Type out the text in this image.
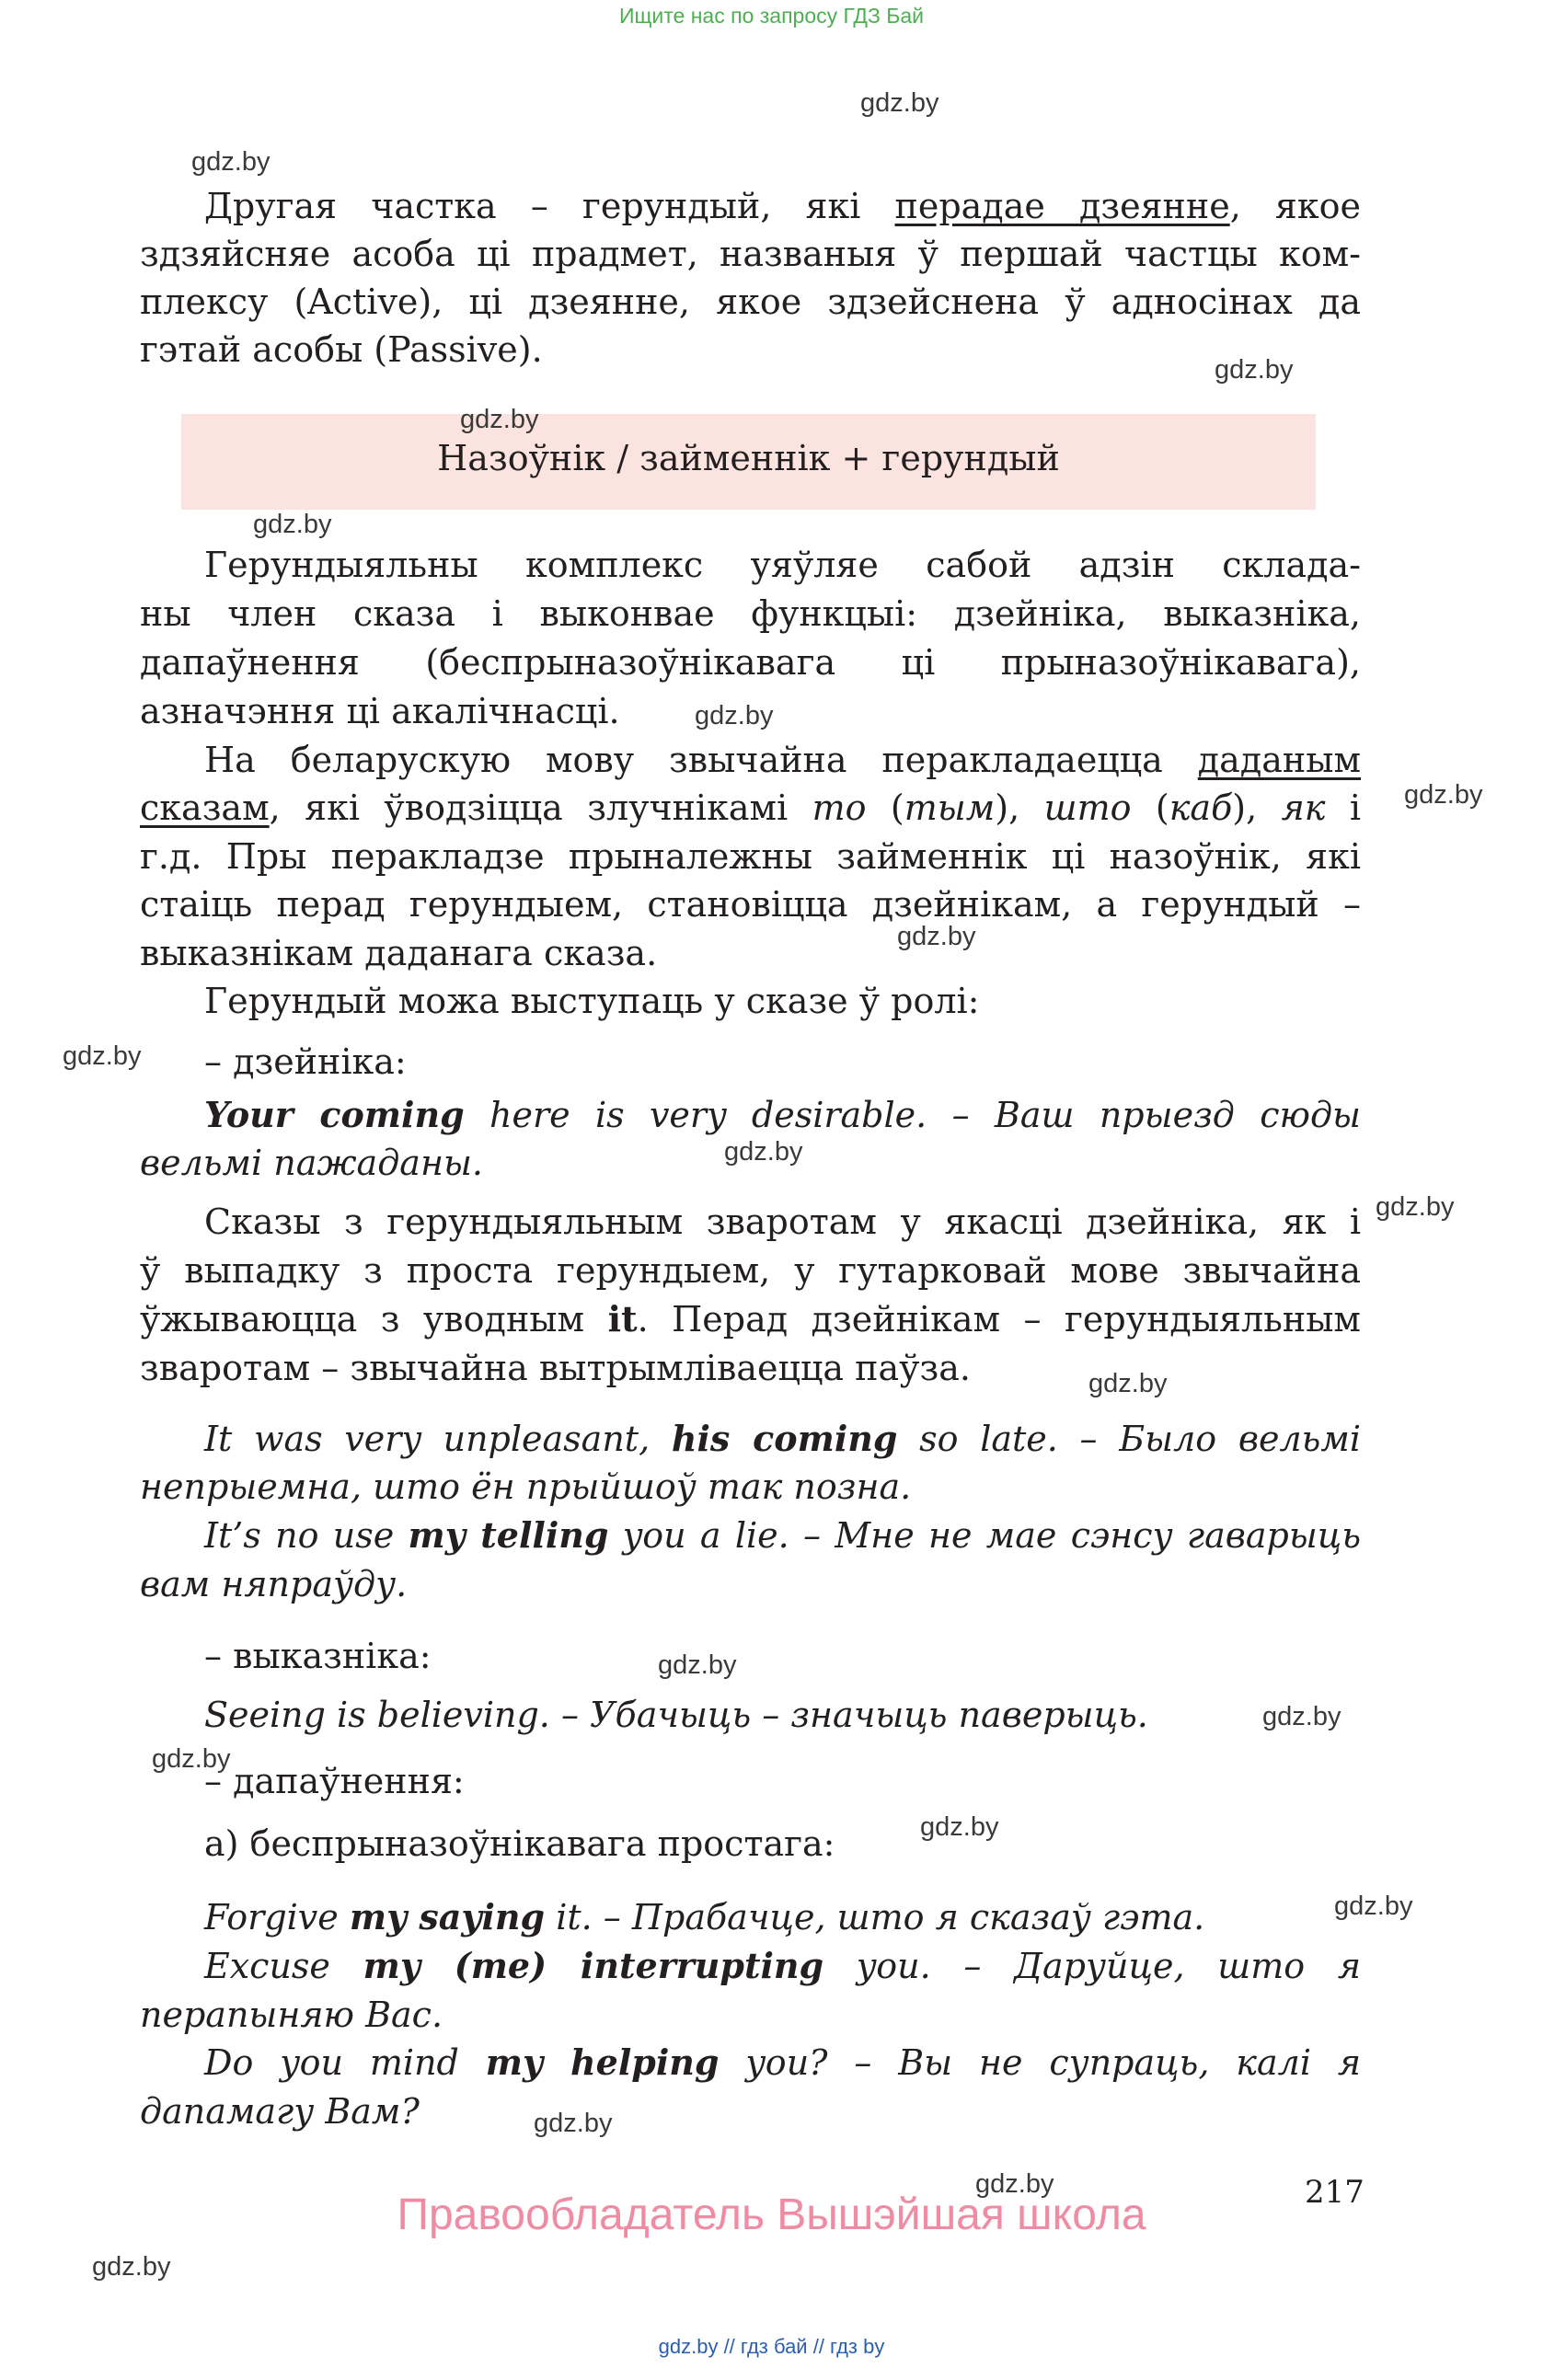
Ищите нас по запросу ГДЗ Бай
Другая частка – герундый, які перадае дзеянне, якое
здзяйсняе асоба ці прадмет, названыя ў першай частцы ком-
плексу (Active), ці дзеянне, якое здзейснена ў адносінах да
гэтай асобы (Passive).
Назоўнік / займеннік + герундый
Герундыяльны комплекс уяўляе сабой адзін склада-
ны член сказа і выконвае функцыі: дзейніка, выказніка,
дапаўнення (беспрыназоўнікавага ці прыназоўнікавага),
азначэння ці акалічнасці.
На беларускую мову звычайна перакладаецца даданым
сказам, які ўводзіцца злучнікамі то (тым), што (каб), як і
г.д. Пры перакладзе прыналежны займеннік ці назоўнік, які
стаіць перад герундыем, становіцца дзейнікам, а герундый –
выказнікам даданага сказа.
Герундый можа выступаць у сказе ў ролі:
– дзейніка:
Your coming here is very desirable. – Ваш прыезд сюды
вельмі пажаданы.
Сказы з герундыяльным зваротам у якасці дзейніка, як і
ў выпадку з проста герундыем, у гутарковай мове звычайна
ўжываюцца з уводным it. Перад дзейнікам – герундыяльным
зваротам – звычайна вытрымліваецца паўза.
It was very unpleasant, his coming so late. – Было вельмі
непрыемна, што ён прыйшоў так позна.
It’s no use my telling you a lie. – Мне не мае сэнсу гаварыць
вам няпраўду.
– выказніка:
Seeing is believing. – Убачыць – значыць паверыць.
– дапаўнення:
а) беспрыназоўнікавага простага:
Forgive my saying it. – Прабачце, што я сказаў гэта.
Excuse my (me) interrupting you. – Даруйце, што я
перапыняю Вас.
Do you mind my helping you? – Вы не супраць, калі я
дапамагу Вам?
217
Правообладатель Вышэйшая школа
gdz.by // гдз бай // гдз by
gdz.by
gdz.by
gdz.by
gdz.by
gdz.by
gdz.by
gdz.by
gdz.by
gdz.by
gdz.by
gdz.by
gdz.by
gdz.by
gdz.by
gdz.by
gdz.by
gdz.by
gdz.by
gdz.by
gdz.by
